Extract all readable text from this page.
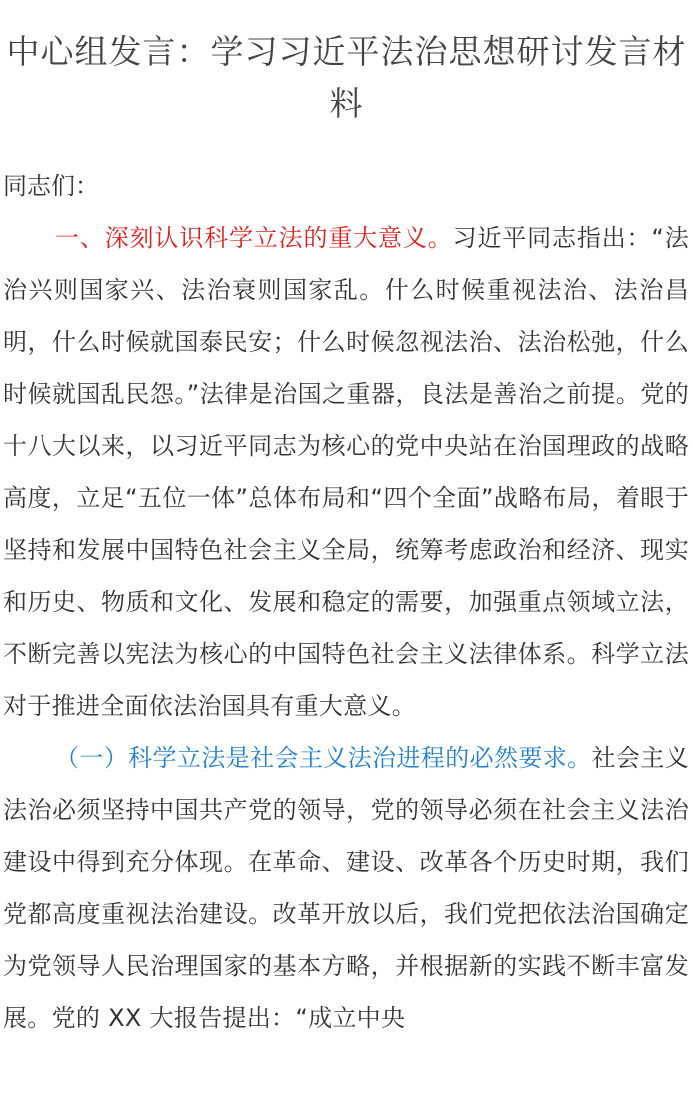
中心组发言：学习习近平法治思想研讨发言材料

同志们：

一、深刻认识科学立法的重大意义。习近平同志指出：“法治兴则国家兴、法治衰则国家乱。什么时候重视法治、法治昌明，什么时候就国泰民安；什么时候忽视法治、法治松弛，什么时候就国乱民怨。”法律是治国之重器，良法是善治之前提。党的十八大以来，以习近平同志为核心的党中央站在治国理政的战略高度，立足“五位一体”总体布局和“四个全面”战略布局，着眼于坚持和发展中国特色社会主义全局，统筹考虑政治和经济、现实和历史、物质和文化、发展和稳定的需要，加强重点领域立法，不断完善以宪法为核心的中国特色社会主义法律体系。科学立法对于推进全面依法治国具有重大意义。

（一）科学立法是社会主义法治进程的必然要求。社会主义法治必须坚持中国共产党的领导，党的领导必须在社会主义法治建设中得到充分体现。在革命、建设、改革各个历史时期，我们党都高度重视法治建设。改革开放以后，我们党把依法治国确定为党领导人民治理国家的基本方略，并根据新的实践不断丰富发展。党的 XX 大报告提出：“成立中央
